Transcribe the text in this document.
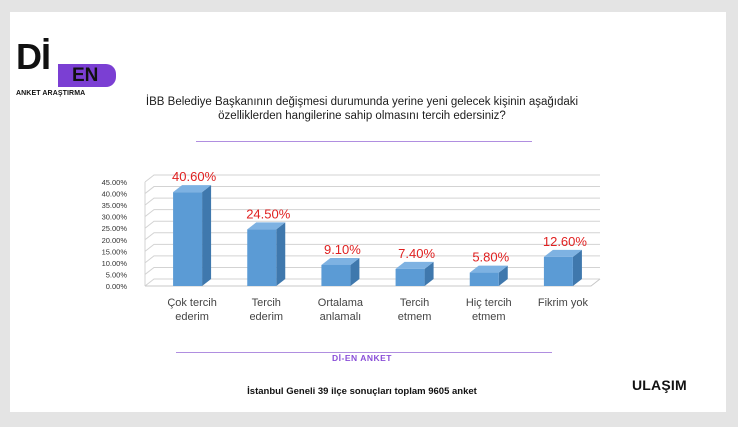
Dİ EN
ANKET ARAŞTIRMA
İBB Belediye Başkanının değişmesi durumunda yerine yeni gelecek kişinin aşağıdaki
özelliklerden hangilerine sahip olmasını tercih edersiniz?
0.00%
5.00%
10.00%
15.00%
20.00%
25.00%
30.00%
35.00%
40.00%
45.00%	40.60%
Çok tercih
ederim
24.50%
Tercih
ederim
9.10%
Ortalama
anlamalı
7.40%
Tercih
etmem
5.80%
Hiç tercih
etmem
12.60%
Fikrim yok
Dİ-EN ANKET
İstanbul Geneli 39 ilçe sonuçları toplam 9605 anket	ULAŞIM
